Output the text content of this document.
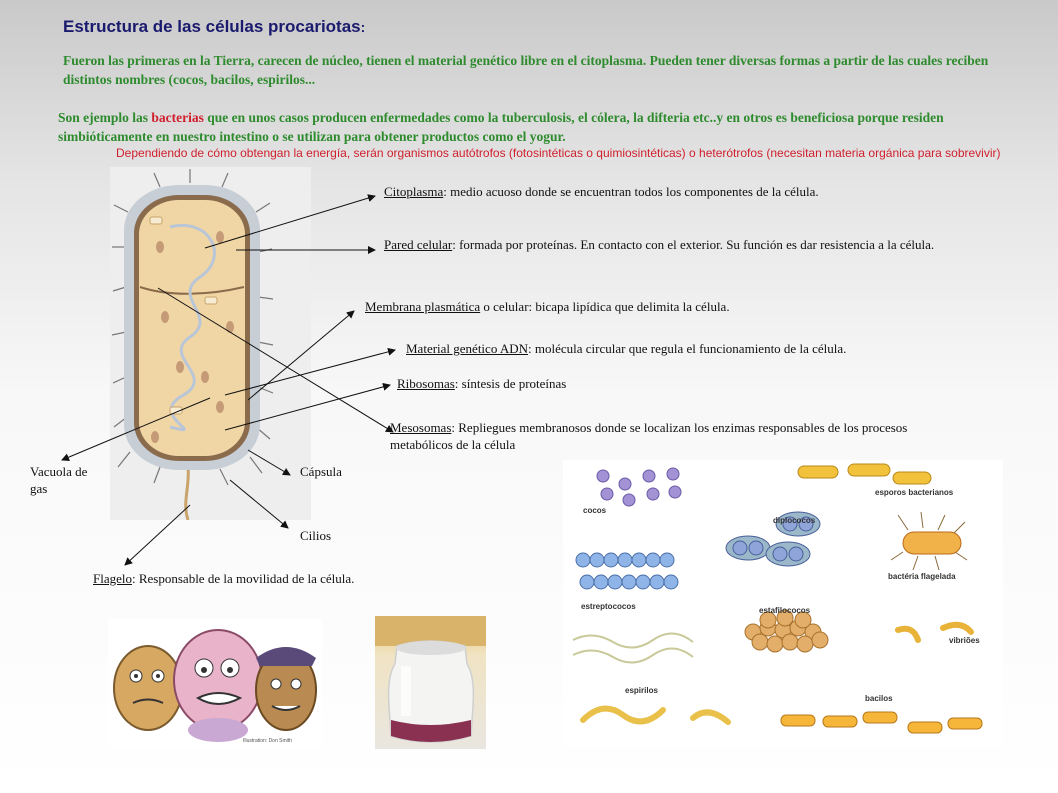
Estructura de las células procariotas:
Fueron las primeras en la Tierra, carecen de núcleo, tienen el material genético libre en el citoplasma. Pueden tener diversas formas a partir de las cuales reciben distintos nombres (cocos, bacilos, espirilos...
Son ejemplo las bacterias que en unos casos producen enfermedades como la tuberculosis, el cólera, la difteria etc..y en otros es beneficiosa porque residen simbióticamente en nuestro intestino o se utilizan para obtener productos como el yogur.
Dependiendo de cómo obtengan la energía, serán organismos autótrofos (fotosintéticas o quimiosintéticas) o heterótrofos (necesitan materia orgánica para sobrevivir)
Citoplasma: medio acuoso donde se encuentran todos los componentes de la célula.
Pared celular: formada por proteínas. En contacto con el exterior. Su función es dar resistencia a la célula.
Membrana plasmática o celular: bicapa lipídica que delimita la célula.
Material genético ADN: molécula circular que regula el funcionamiento de la célula.
Ribosomas: síntesis de proteínas
Mesosomas: Repliegues membranosos donde se localizan los enzimas responsables de los procesos metabólicos de la célula
Vacuola de gas
Cápsula
Cilios
Flagelo: Responsable de la movilidad de la célula.
Illustration: Don Smith
cocos
esporos bacterianos
diplococos
bactéria flagelada
estreptococos	estafilococos
vibriões
espirilos
bacilos
